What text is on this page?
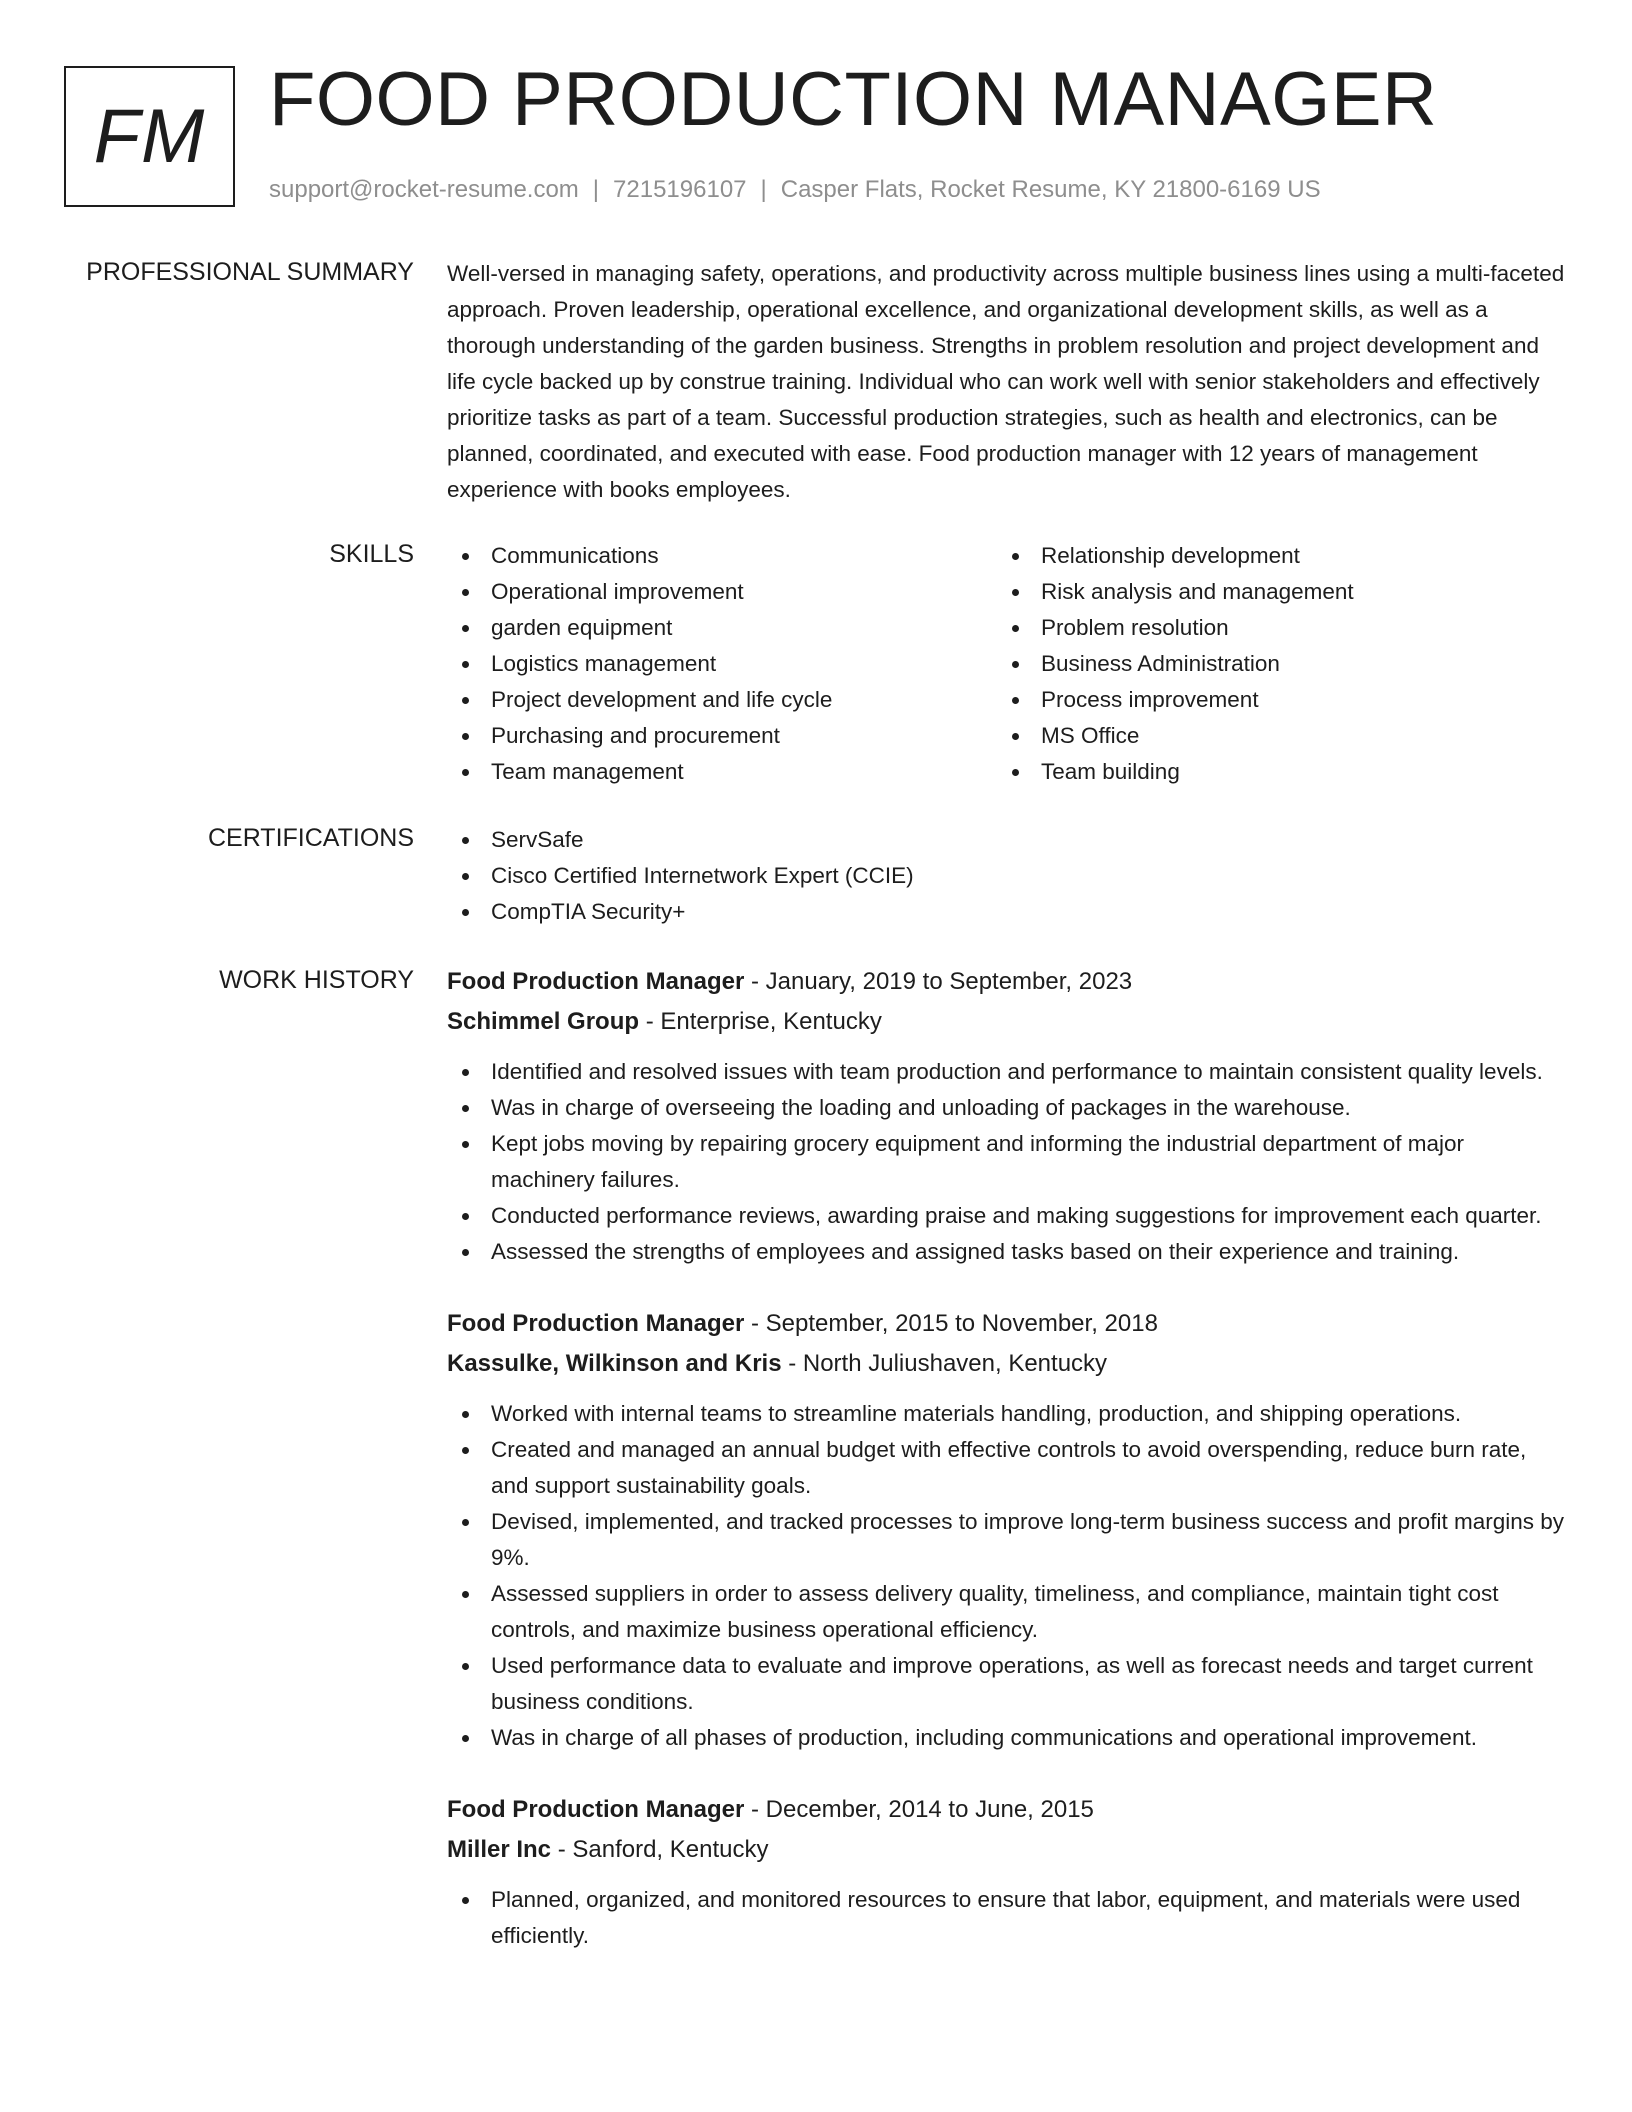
FM FOOD PRODUCTION MANAGER
support@rocket-resume.com | 7215196107 | Casper Flats, Rocket Resume, KY 21800-6169 US
PROFESSIONAL SUMMARY Well-versed in managing safety, operations, and productivity across multiple business lines using a multi-faceted approach. Proven leadership, operational excellence, and organizational development skills, as well as a thorough understanding of the garden business. Strengths in problem resolution and project development and life cycle backed up by construe training. Individual who can work well with senior stakeholders and effectively prioritize tasks as part of a team. Successful production strategies, such as health and electronics, can be planned, coordinated, and executed with ease. Food production manager with 12 years of management experience with books employees.
SKILLS	Communications
Operational improvement
garden equipment
Logistics management
Project development and life cycle
Purchasing and procurement
Team management
Relationship development
Risk analysis and management
Problem resolution
Business Administration
Process improvement
MS Office
Team building
CERTIFICATIONS	ServSafe
Cisco Certified Internetwork Expert (CCIE)
CompTIA Security+
WORK HISTORY Food Production Manager - January, 2019 to September, 2023
Schimmel Group - Enterprise, Kentucky
Identified and resolved issues with team production and performance to maintain consistent quality levels.
Was in charge of overseeing the loading and unloading of packages in the warehouse.
Kept jobs moving by repairing grocery equipment and informing the industrial department of major machinery failures.
Conducted performance reviews, awarding praise and making suggestions for improvement each quarter.
Assessed the strengths of employees and assigned tasks based on their experience and training.
Food Production Manager - September, 2015 to November, 2018
Kassulke, Wilkinson and Kris - North Juliushaven, Kentucky
Worked with internal teams to streamline materials handling, production, and shipping operations.
Created and managed an annual budget with effective controls to avoid overspending, reduce burn rate, and support sustainability goals.
Devised, implemented, and tracked processes to improve long-term business success and profit margins by 9%.
Assessed suppliers in order to assess delivery quality, timeliness, and compliance, maintain tight cost controls, and maximize business operational efficiency.
Used performance data to evaluate and improve operations, as well as forecast needs and target current business conditions.
Was in charge of all phases of production, including communications and operational improvement.
Food Production Manager - December, 2014 to June, 2015
Miller Inc - Sanford, Kentucky
Planned, organized, and monitored resources to ensure that labor, equipment, and materials were used efficiently.
